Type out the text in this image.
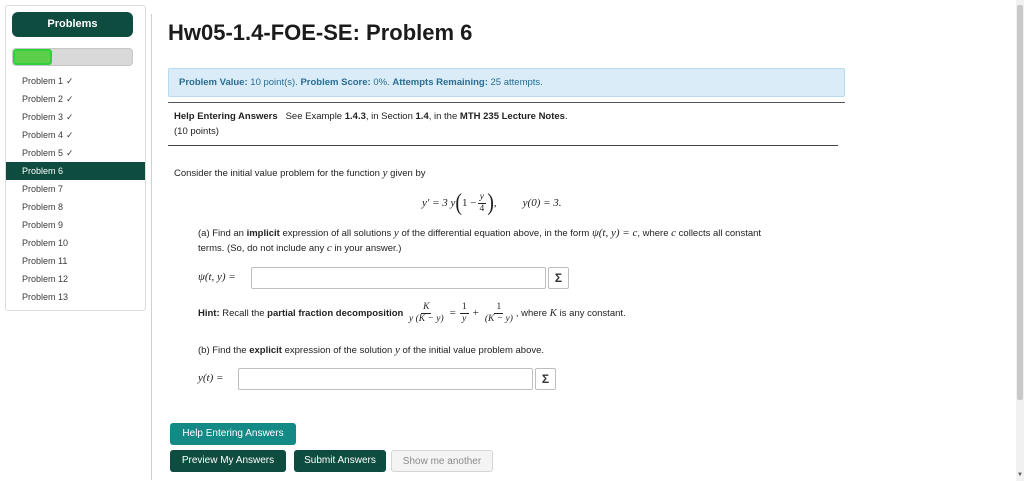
Problems
Problem 1 ✓
Problem 2 ✓
Problem 3 ✓
Problem 4 ✓
Problem 5 ✓
Problem 6
Problem 7
Problem 8
Problem 9
Problem 10
Problem 11
Problem 12
Problem 13
Hw05-1.4-FOE-SE: Problem 6
Problem Value: 10 point(s). Problem Score: 0%. Attempts Remaining: 25 attempts.
Help Entering Answers See Example 1.4.3, in Section 1.4, in the MTH 235 Lecture Notes.
(10 points)
Consider the initial value problem for the function y given by
y′ = 3 y ( $1 - \frac{y}{4}$ ) , y(0) = 3.
(a) Find an implicit expression of all solutions y of the differential equation above, in the form ψ(t, y) = c, where c collects all constant
terms. (So, do not include any c in your answer.)
ψ(t, y) =	Σ
Hint:
Recall the
partial fraction decomposition
$\frac{K}{y (K - y)} = \frac{1}{y} + \frac{1}{(K - y)}$ , where
K
is any constant.
(b) Find the explicit expression of the solution y of the initial value problem above.
y(t) =	Σ
Help Entering Answers
Preview My Answers	Submit Answers	Show me another
▼
